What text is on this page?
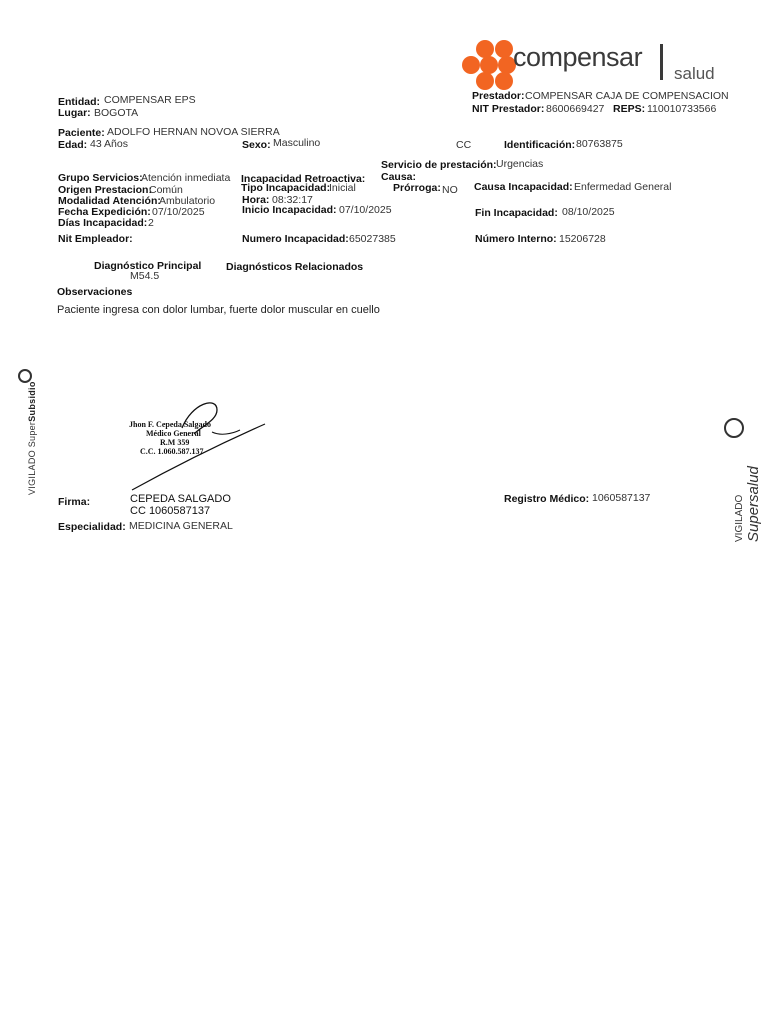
compensar
salud
Prestador: COMPENSAR CAJA DE COMPENSACION
NIT Prestador: 8600669427 REPS: 110010733566
Entidad: COMPENSAR EPS
Lugar: BOGOTA
Paciente: ADOLFO HERNAN NOVOA SIERRA
Edad: 43 Años	Sexo: Masculino	CC	Identificación: 80763875
Servicio de prestación: Urgencias
Causa:
Grupo Servicios:
Atención inmediata
Origen Prestacion:
Común
Modalidad Atención:
Ambulatorio
Fecha Expedición: 07/10/2025
Días Incapacidad: 2
Incapacidad Retroactiva:
Tipo Incapacidad:
Inicial
Hora: 08:32:17
Inicio Incapacidad: 07/10/2025
Prórroga: NO Causa Incapacidad: Enfermedad General
Fin Incapacidad: 08/10/2025
Nit Empleador:	Numero Incapacidad: 65027385	Número Interno: 15206728
Diagnóstico Principal
M54.5
Diagnósticos Relacionados
Observaciones
Paciente ingresa con dolor lumbar, fuerte dolor muscular en cuello
Jhon F. Cepeda Salgado
Médico General
R.M 359
C.C. 1.060.587.137
Firma:	CEPEDA SALGADO
CC 1060587137
Registro Médico: 1060587137
Especialidad: MEDICINA GENERAL
VIGILADO SuperSubsidio
VIGILADO Supersalud
